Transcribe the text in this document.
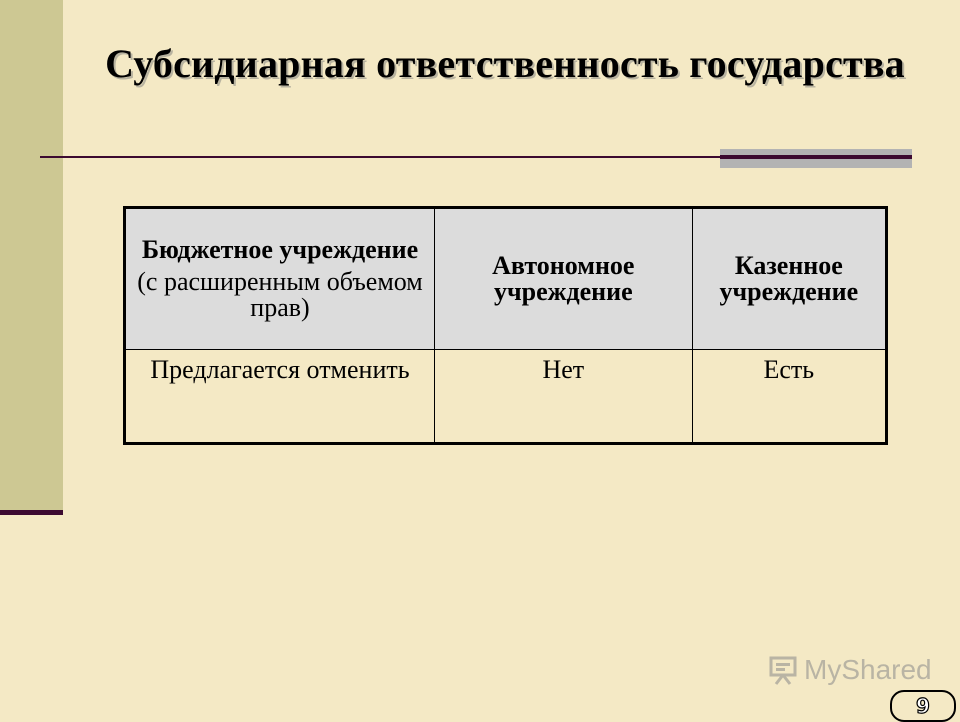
Субсидиарная ответственность государства
Бюджетное учреждение
(с расширенным объемом прав)	Автономное учреждение	Казенное учреждение

Предлагается отменить	Нет	Есть
MyShared
9
